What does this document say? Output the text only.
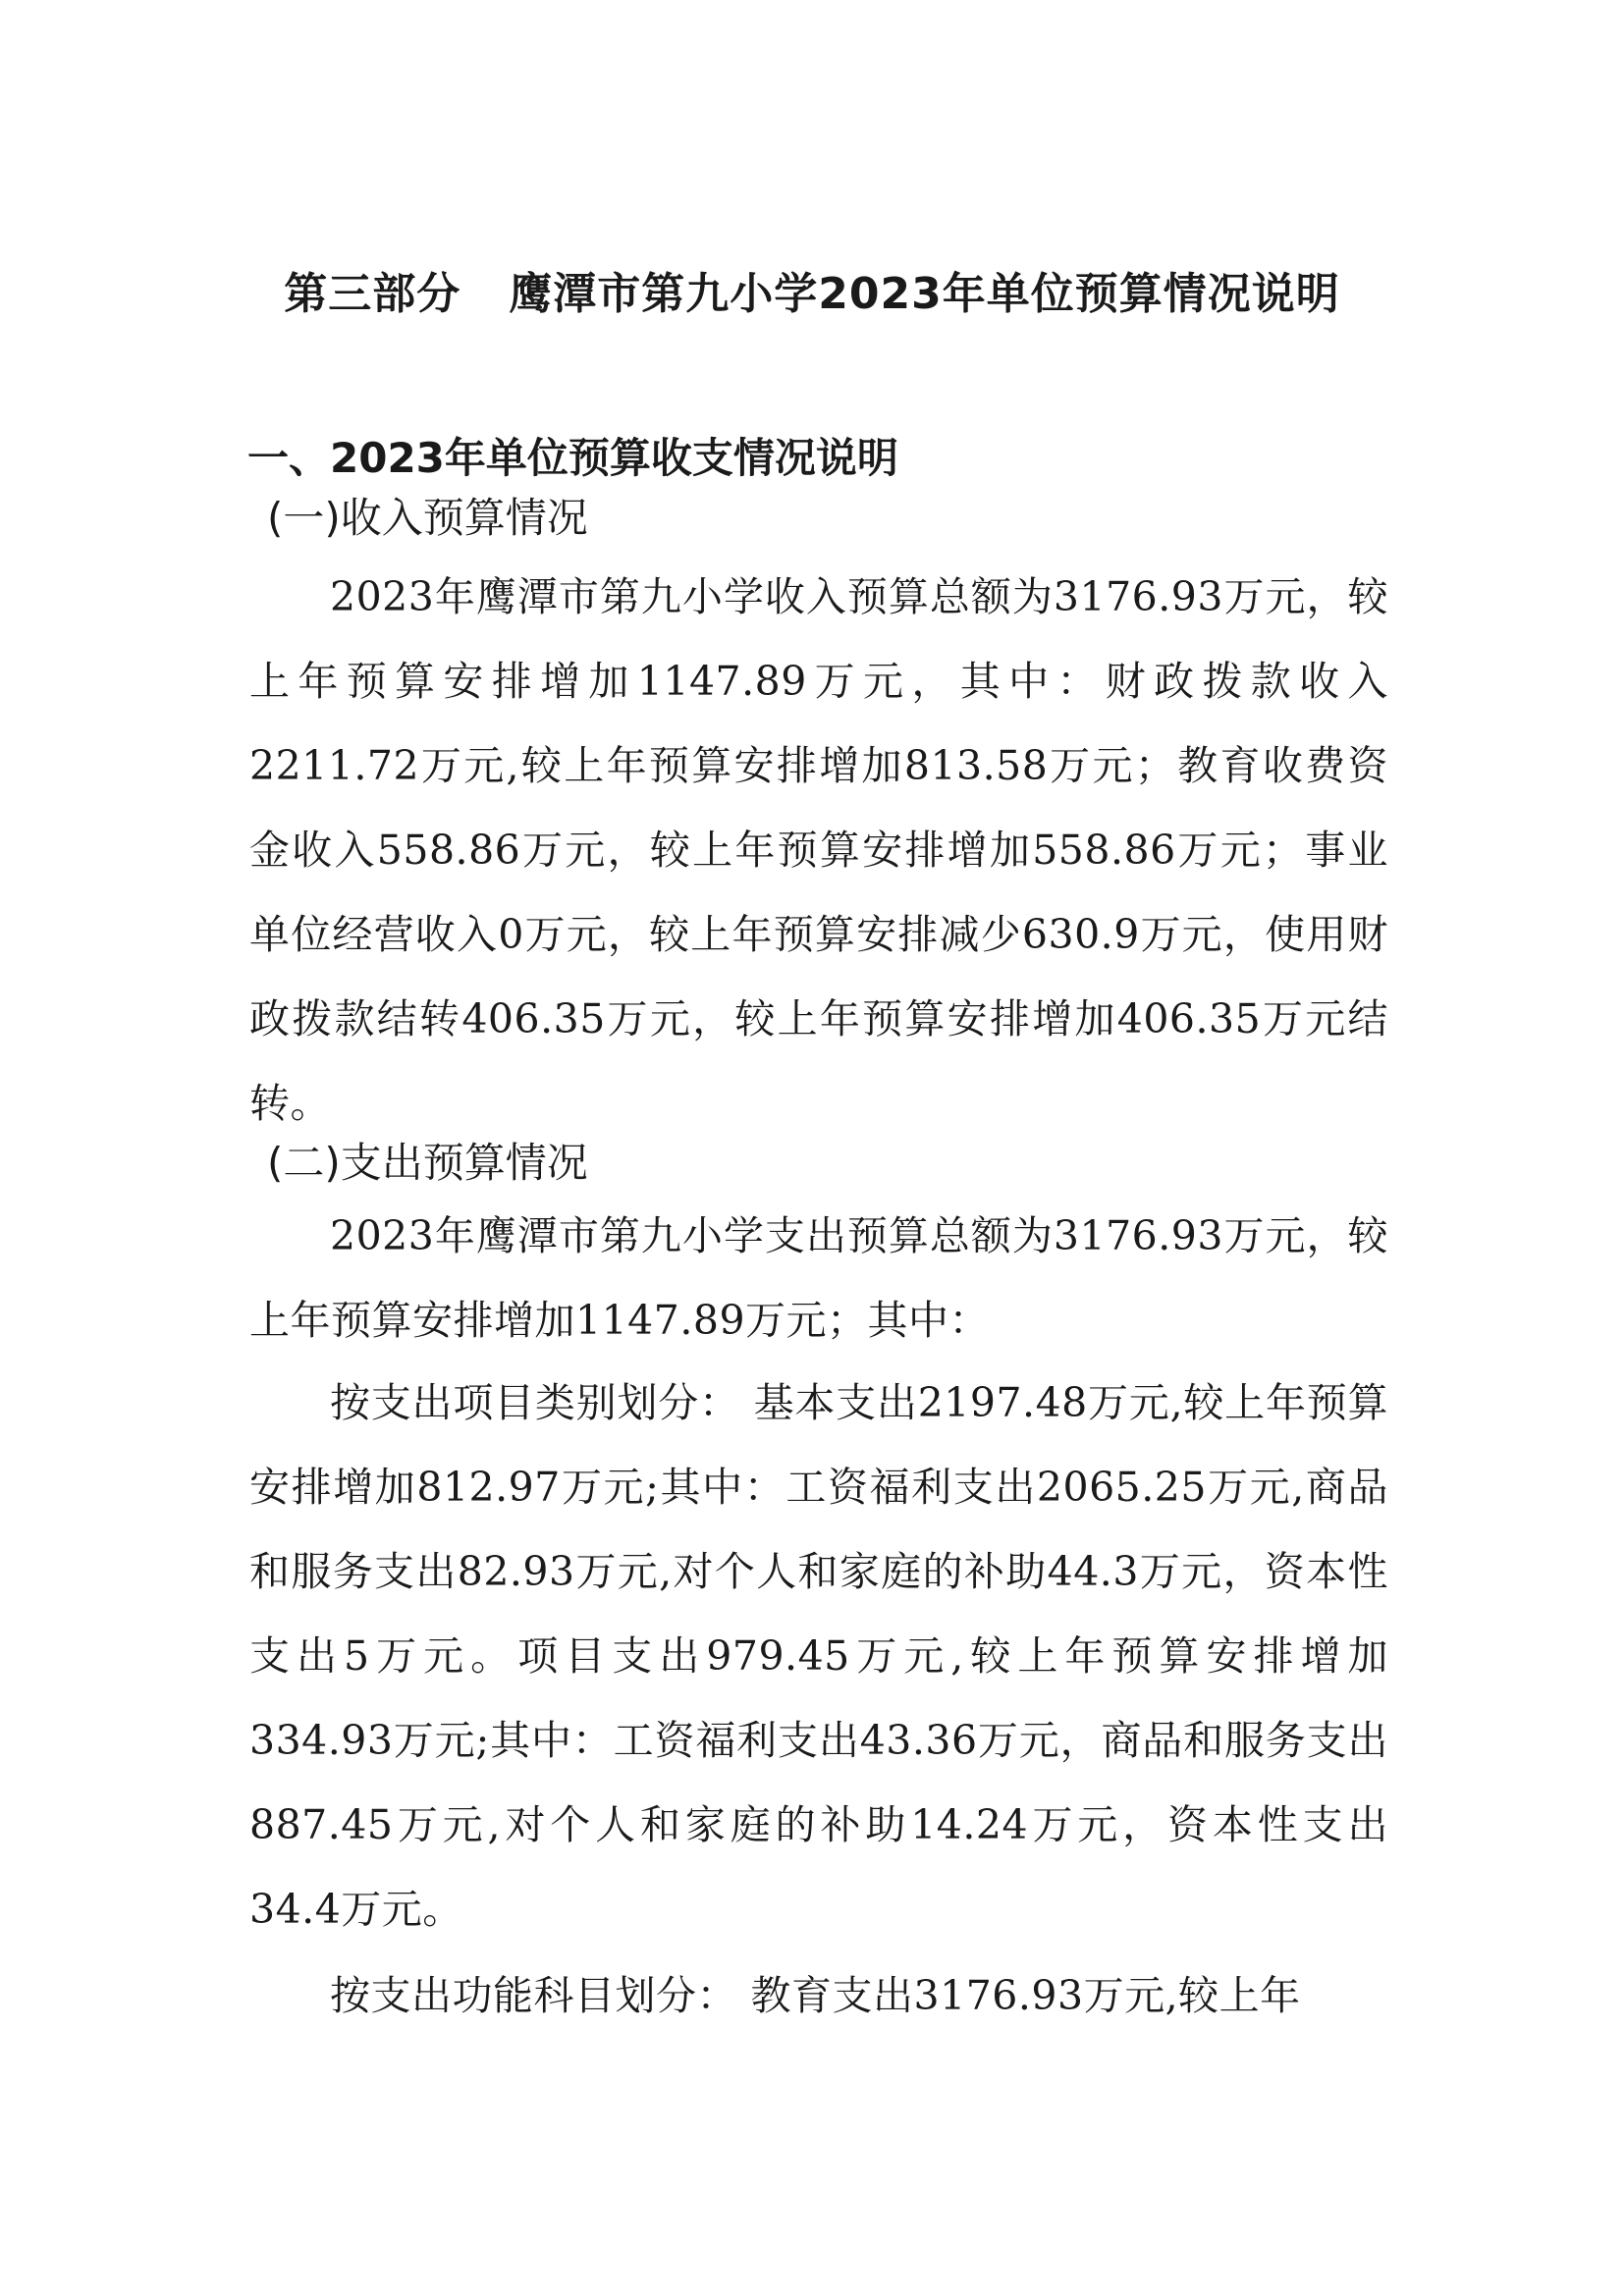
第三部分   鹰潭市第九小学2023年单位预算情况说明
一、2023年单位预算收支情况说明
(一)收入预算情况

2023年鹰潭市第九小学收入预算总额为3176.93万元，较上年预算安排增加1147.89万元，其中：财政拨款收入2211.72万元,较上年预算安排增加813.58万元；教育收费资金收入558.86万元，较上年预算安排增加558.86万元；事业单位经营收入0万元，较上年预算安排减少630.9万元，使用财政拨款结转406.35万元，较上年预算安排增加406.35万元结转。

(二)支出预算情况

2023年鹰潭市第九小学支出预算总额为3176.93万元，较上年预算安排增加1147.89万元；其中：

按支出项目类别划分： 基本支出2197.48万元,较上年预算安排增加812.97万元;其中：工资福利支出2065.25万元,商品和服务支出82.93万元,对个人和家庭的补助44.3万元，资本性支出5万元。项目支出979.45万元,较上年预算安排增加334.93万元;其中：工资福利支出43.36万元，商品和服务支出887.45万元,对个人和家庭的补助14.24万元，资本性支出34.4万元。

按支出功能科目划分： 教育支出3176.93万元,较上年
